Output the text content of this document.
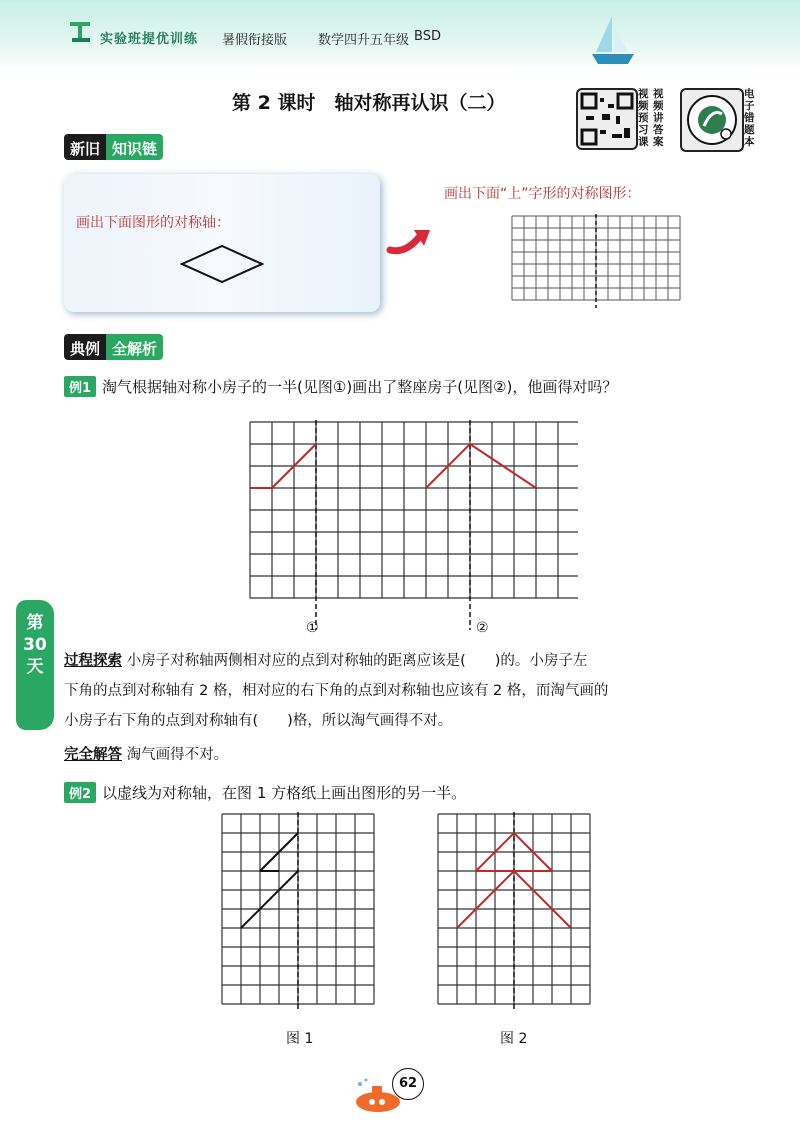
实验班提优训练 暑假衔接版 数学四升五年级 BSD
第 2 课时　轴对称再认识（二）	视
频
预
习
课
视
频
讲
答
案
电
子
错
题
本
新旧 知识链
画出下面图形的对称轴：
画出下面“上”字形的对称图形：
典例 全解析
例1 淘气根据轴对称小房子的一半(见图①)画出了整座房子(见图②)，他画得对吗？
①	②
第
30
天	过程探索 小房子对称轴两侧相对应的点到对称轴的距离应该是(　　)的。小房子左
下角的点到对称轴有 2 格，相对应的右下角的点到对称轴也应该有 2 格，而淘气画的
小房子右下角的点到对称轴有(　　)格，所以淘气画得不对。
完全解答 淘气画得不对。
例2 以虚线为对称轴，在图 1 方格纸上画出图形的另一半。
图 1	图 2
62
